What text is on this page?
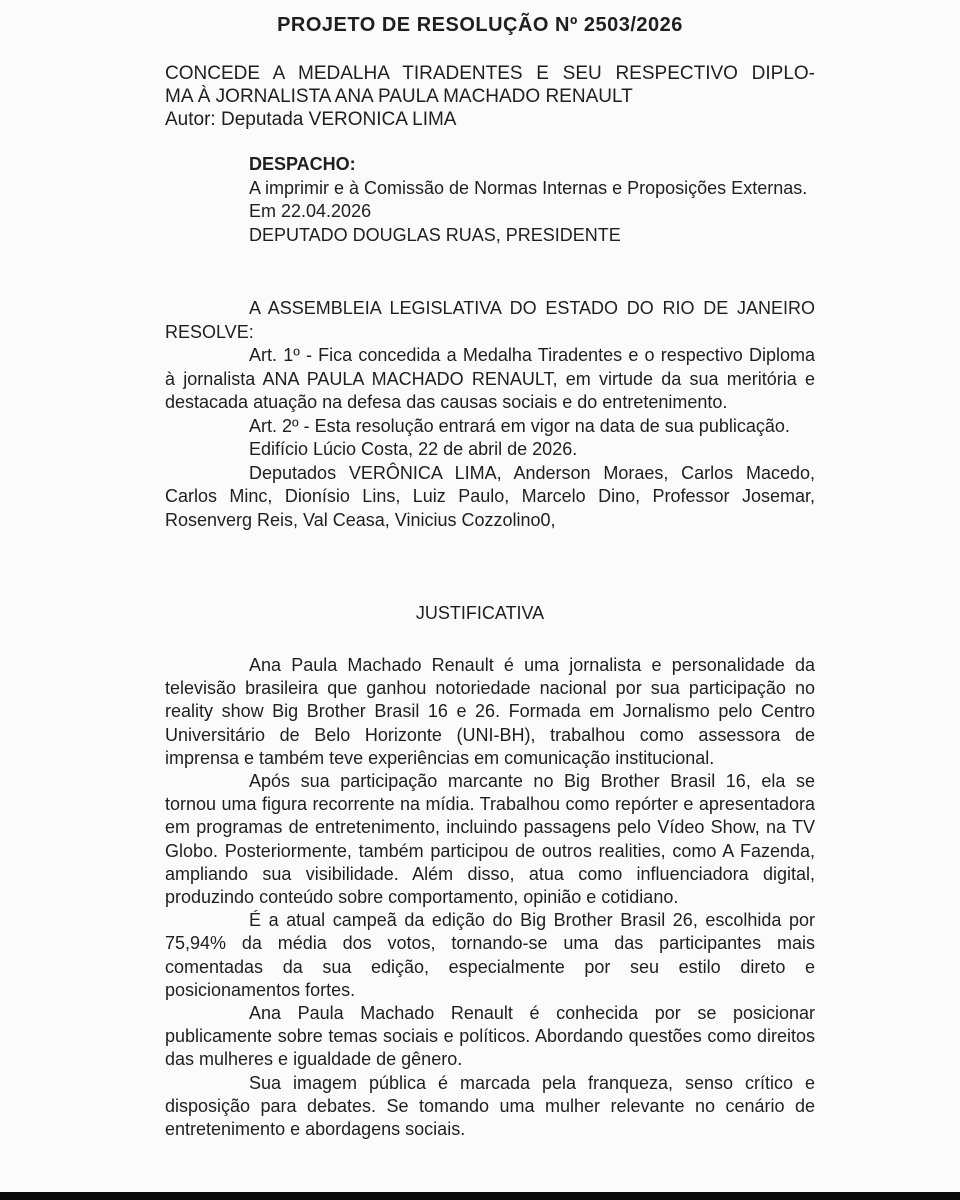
PROJETO DE RESOLUÇÃO Nº 2503/2026
CONCEDE A MEDALHA TIRADENTES E SEU RESPECTIVO DIPLO-
MA À JORNALISTA ANA PAULA MACHADO RENAULT
Autor: Deputada VERONICA LIMA
DESPACHO:
A imprimir e à Comissão de Normas Internas e Proposições Externas.
Em 22.04.2026
DEPUTADO DOUGLAS RUAS, PRESIDENTE

A ASSEMBLEIA LEGISLATIVA DO ESTADO DO RIO DE JANEIRO RESOLVE:

Art. 1º - Fica concedida a Medalha Tiradentes e o respectivo Diploma à jornalista ANA PAULA MACHADO RENAULT, em virtude da sua meritória e destacada atuação na defesa das causas sociais e do entretenimento.

Art. 2º - Esta resolução entrará em vigor na data de sua publicação.

Edifício Lúcio Costa, 22 de abril de 2026.

Deputados VERÔNICA LIMA, Anderson Moraes, Carlos Macedo, Carlos Minc, Dionísio Lins, Luiz Paulo, Marcelo Dino, Professor Josemar, Rosenverg Reis, Val Ceasa, Vinicius Cozzolino0,

JUSTIFICATIVA

Ana Paula Machado Renault é uma jornalista e personalidade da televisão brasileira que ganhou notoriedade nacional por sua participação no reality show Big Brother Brasil 16 e 26. Formada em Jornalismo pelo Centro Universitário de Belo Horizonte (UNI-BH), trabalhou como assessora de imprensa e também teve experiências em comunicação institucional.

Após sua participação marcante no Big Brother Brasil 16, ela se tornou uma figura recorrente na mídia. Trabalhou como repórter e apresentadora em programas de entretenimento, incluindo passagens pelo Vídeo Show, na TV Globo. Posteriormente, também participou de outros realities, como A Fazenda, ampliando sua visibilidade. Além disso, atua como influenciadora digital, produzindo conteúdo sobre comportamento, opinião e cotidiano.

É a atual campeã da edição do Big Brother Brasil 26, escolhida por 75,94% da média dos votos, tornando-se uma das participantes mais comentadas da sua edição, especialmente por seu estilo direto e posicionamentos fortes.

Ana Paula Machado Renault é conhecida por se posicionar publicamente sobre temas sociais e políticos. Abordando questões como direitos das mulheres e igualdade de gênero.

Sua imagem pública é marcada pela franqueza, senso crítico e disposição para debates. Se tomando uma mulher relevante no cenário de entretenimento e abordagens sociais.
